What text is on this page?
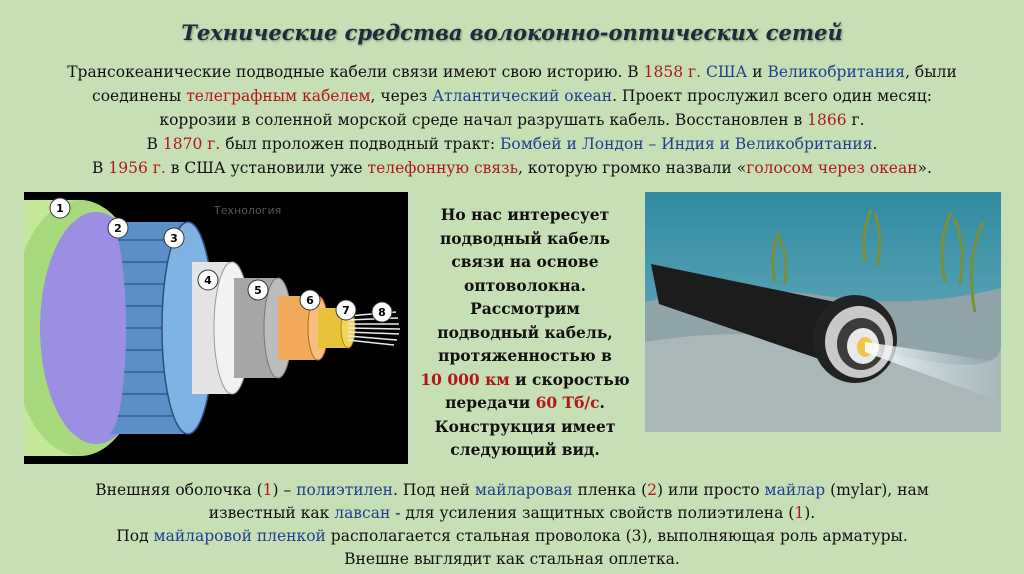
Технические средства волоконно-оптических сетей
Трансокеанические подводные кабели связи имеют свою историю. В 1858 г. США и Великобритания, были
соединены телеграфным кабелем, через Атлантический океан. Проект прослужил всего один месяц:
коррозии в соленной морской среде начал разрушать кабель. Восстановлен в 1866 г.
В 1870 г. был проложен подводный тракт: Бомбей и Лондон – Индия и Великобритания.
В 1956 г. в США установили уже телефонную связь, которую громко назвали «голосом через океан».
Технология
1
2
3
4
5
6
7	8
Но нас интересует
подводный кабель
связи на основе
оптоволокна.
Рассмотрим
подводный кабель,
протяженностью в
10 000 км и скоростью
передачи 60 Тб/с.
Конструкция имеет
следующий вид.
Внешняя оболочка (1) – полиэтилен. Под ней майларовая пленка (2) или просто майлар (mylar), нам
известный как лавсан - для усиления защитных свойств полиэтилена (1).
Под майларовой пленкой располагается стальная проволока (3), выполняющая роль арматуры.
Внешне выглядит как стальная оплетка.
